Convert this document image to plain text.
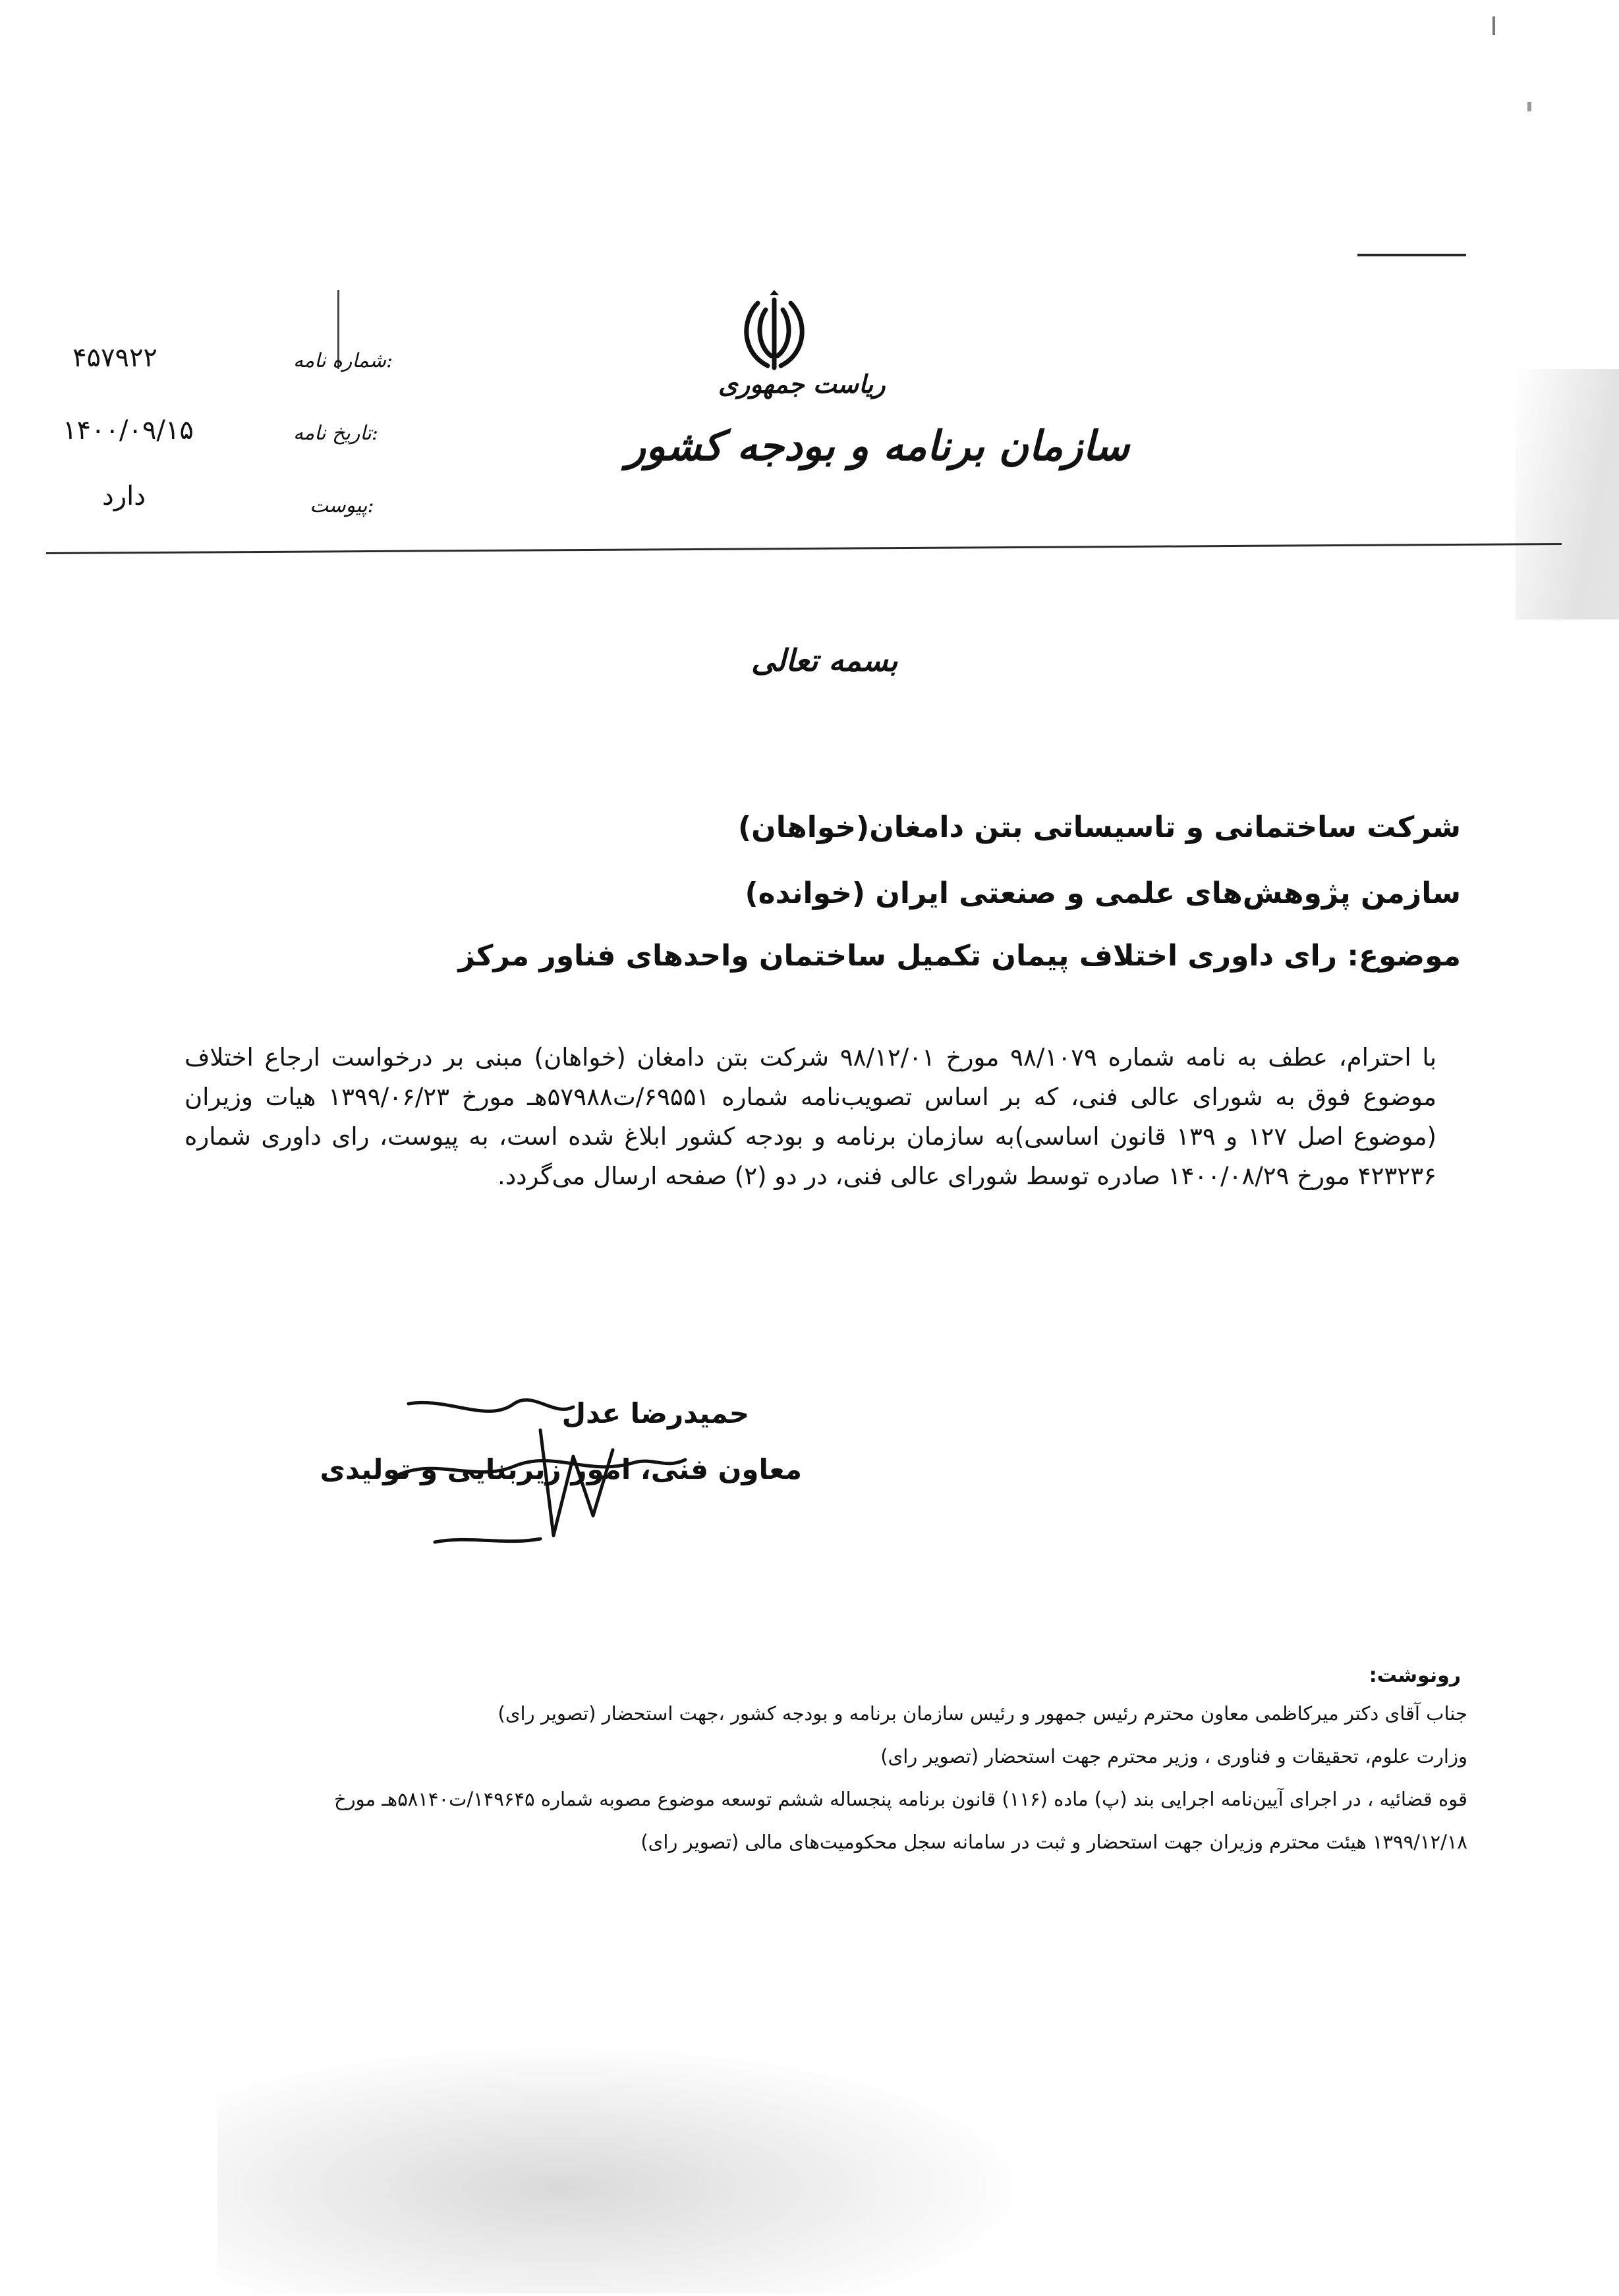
ریاست جمهوری
سازمان برنامه و بودجه کشور
شماره نامه:
۴۵۷۹۲۲
تاریخ نامه:
۱۴۰۰/۰۹/۱۵
پیوست:
دارد
بسمه تعالی
شرکت ساختمانی و تاسیساتی بتن دامغان(خواهان)
سازمن پژوهش‌های علمی و صنعتی ایران (خوانده)
موضوع: رای داوری اختلاف پیمان تکمیل ساختمان واحدهای فناور مرکز
با احترام، عطف به نامه شماره ۹۸/۱۰۷۹ مورخ ۹۸/۱۲/۰۱ شرکت بتن دامغان (خواهان) مبنی بر درخواست ارجاع اختلاف موضوع فوق به شورای عالی فنی، که بر اساس تصویب‌نامه شماره ۶۹۵۵۱/ت۵۷۹۸۸هـ مورخ ۱۳۹۹/۰۶/۲۳ هیات وزیران (موضوع اصل ۱۲۷ و ۱۳۹ قانون اساسی)به سازمان برنامه و بودجه کشور ابلاغ شده است، به پیوست، رای داوری شماره ۴۲۳۲۳۶ مورخ ۱۴۰۰/۰۸/۲۹ صادره توسط شورای عالی فنی، در دو (۲) صفحه ارسال می‌گردد.
حمیدرضا عدل
معاون فنی، امور زیربنایی و تولیدی
رونوشت:
جناب آقای دکتر میرکاظمی معاون محترم رئیس جمهور و رئیس سازمان برنامه و بودجه کشور ،جهت استحضار (تصویر رای)
وزارت علوم، تحقیقات و فناوری ، وزیر محترم جهت استحضار (تصویر رای)
قوه قضائیه ، در اجرای آیین‌نامه اجرایی بند (پ) ماده (۱۱۶) قانون برنامه پنجساله ششم توسعه موضوع مصوبه شماره ۱۴۹۶۴۵/ت۵۸۱۴۰هـ مورخ
۱۳۹۹/۱۲/۱۸ هیئت محترم وزیران جهت استحضار و ثبت در سامانه سجل محکومیت‌های مالی (تصویر رای)
